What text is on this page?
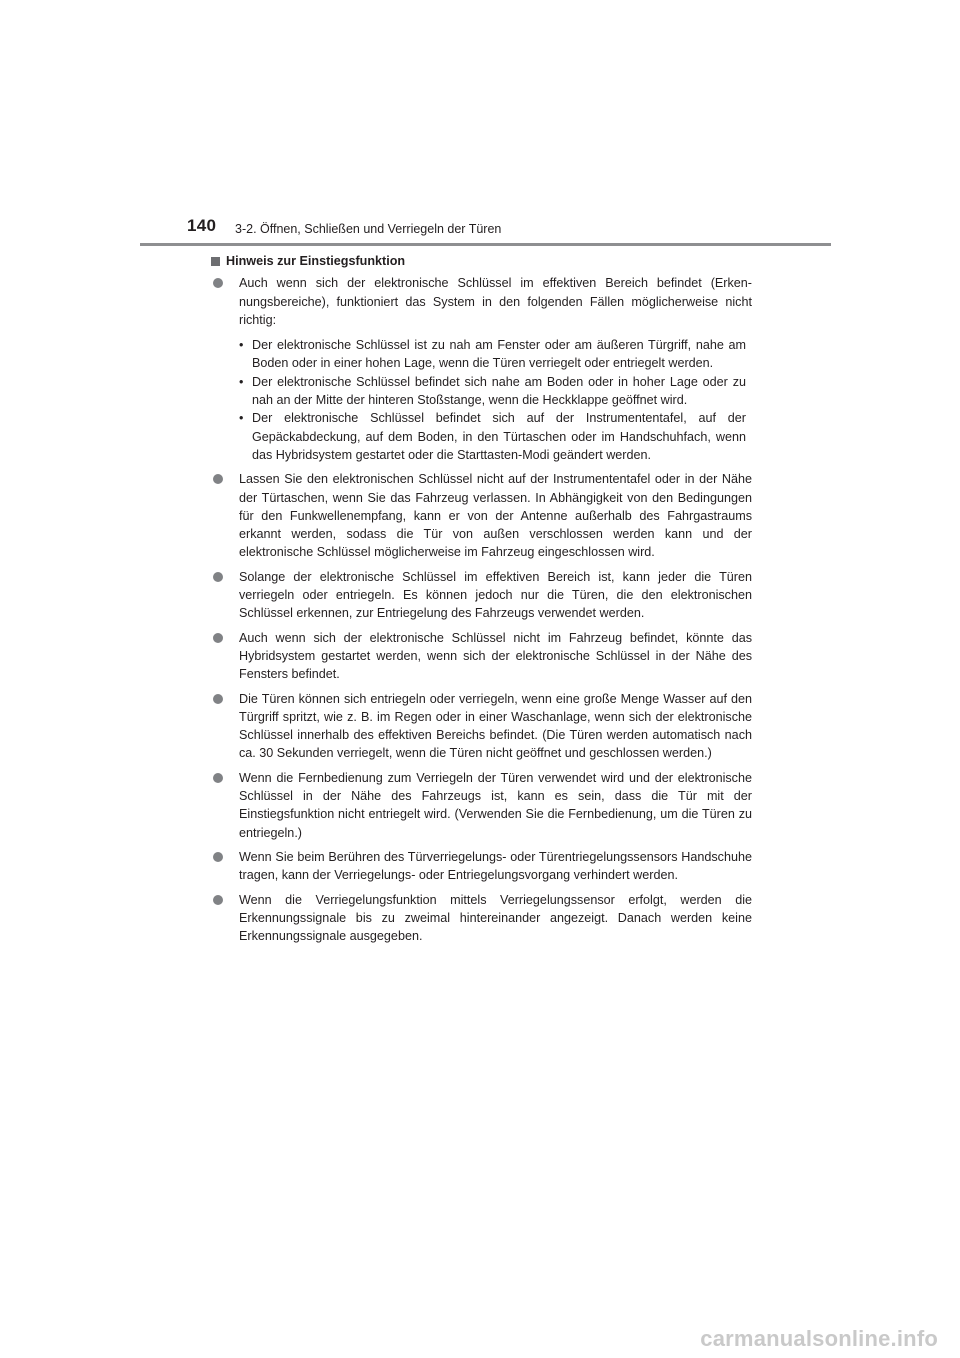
140 3-2. Öffnen, Schließen und Verriegeln der Türen
Hinweis zur Einstiegsfunktion
Auch wenn sich der elektronische Schlüssel im effektiven Bereich befindet (Erkennungsbereiche), funktioniert das System in den folgenden Fällen möglicherweise nicht richtig:
• Der elektronische Schlüssel ist zu nah am Fenster oder am äußeren Türgriff, nahe am Boden oder in einer hohen Lage, wenn die Türen verriegelt oder entriegelt werden.
• Der elektronische Schlüssel befindet sich nahe am Boden oder in hoher Lage oder zu nah an der Mitte der hinteren Stoßstange, wenn die Heckklappe geöffnet wird.
• Der elektronische Schlüssel befindet sich auf der Instrumententafel, auf der Gepäckabdeckung, auf dem Boden, in den Türtaschen oder im Handschuhfach, wenn das Hybridsystem gestartet oder die Starttasten-Modi geändert werden.
Lassen Sie den elektronischen Schlüssel nicht auf der Instrumententafel oder in der Nähe der Türtaschen, wenn Sie das Fahrzeug verlassen. In Abhängigkeit von den Bedingungen für den Funkwellenempfang, kann er von der Antenne außerhalb des Fahrgastraums erkannt werden, sodass die Tür von außen verschlossen werden kann und der elektronische Schlüssel möglicherweise im Fahrzeug eingeschlossen wird.
Solange der elektronische Schlüssel im effektiven Bereich ist, kann jeder die Türen verriegeln oder entriegeln. Es können jedoch nur die Türen, die den elektronischen Schlüssel erkennen, zur Entriegelung des Fahrzeugs verwendet werden.
Auch wenn sich der elektronische Schlüssel nicht im Fahrzeug befindet, könnte das Hybridsystem gestartet werden, wenn sich der elektronische Schlüssel in der Nähe des Fensters befindet.
Die Türen können sich entriegeln oder verriegeln, wenn eine große Menge Wasser auf den Türgriff spritzt, wie z. B. im Regen oder in einer Waschanlage, wenn sich der elektronische Schlüssel innerhalb des effektiven Bereichs befindet. (Die Türen werden automatisch nach ca. 30 Sekunden verriegelt, wenn die Türen nicht geöffnet und geschlossen werden.)
Wenn die Fernbedienung zum Verriegeln der Türen verwendet wird und der elektronische Schlüssel in der Nähe des Fahrzeugs ist, kann es sein, dass die Tür mit der Einstiegsfunktion nicht entriegelt wird. (Verwenden Sie die Fernbedienung, um die Türen zu entriegeln.)
Wenn Sie beim Berühren des Türverriegelungs- oder Türentriegelungssensors Handschuhe tragen, kann der Verriegelungs- oder Entriegelungsvorgang verhindert werden.
Wenn die Verriegelungsfunktion mittels Verriegelungssensor erfolgt, werden die Erkennungssignale bis zu zweimal hintereinander angezeigt. Danach werden keine Erkennungssignale ausgegeben.
carmanualsonline.info
